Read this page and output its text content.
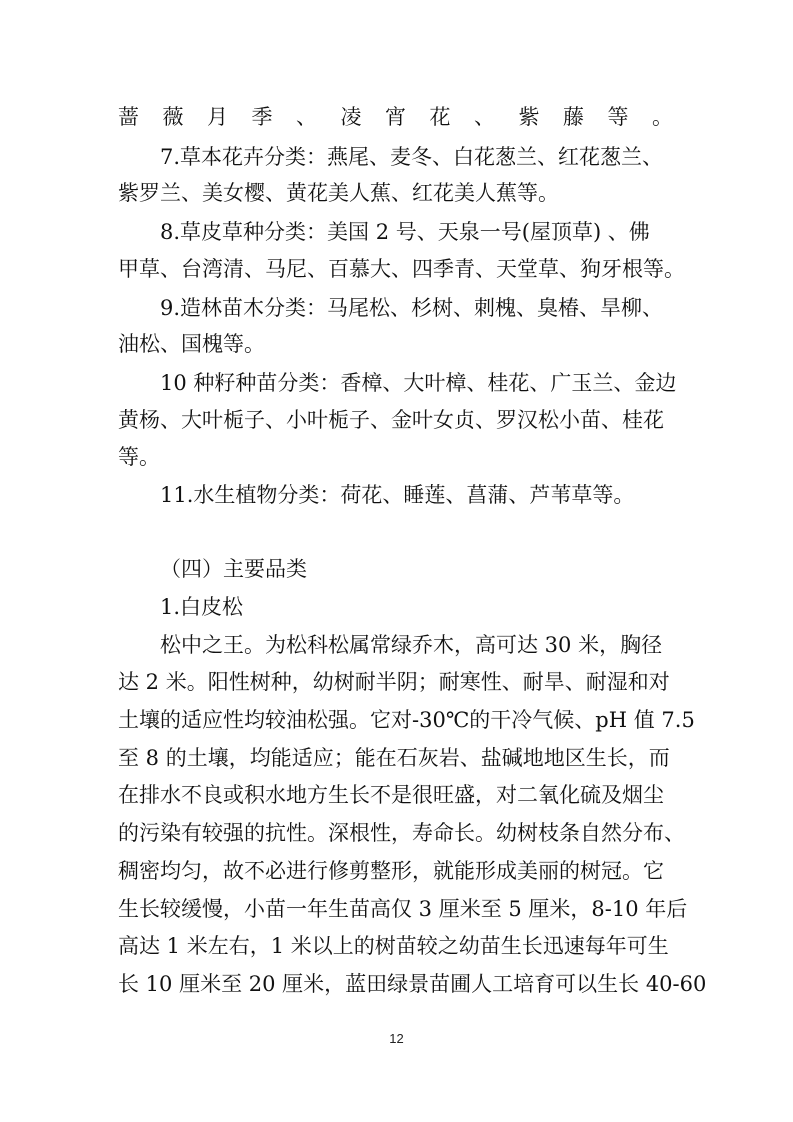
蔷薇月季、凌宵花、紫藤等。
7.草本花卉分类：燕尾、麦冬、白花葱兰、红花葱兰、
紫罗兰、美女樱、黄花美人蕉、红花美人蕉等。
8.草皮草种分类：美国 2 号、天泉一号(屋顶草) 、佛
甲草、台湾清、马尼、百慕大、四季青、天堂草、狗牙根等。
9.造林苗木分类：马尾松、杉树、刺槐、臭椿、旱柳、
油松、国槐等。
10 种籽种苗分类：香樟、大叶樟、桂花、广玉兰、金边
黄杨、大叶栀子、小叶栀子、金叶女贞、罗汉松小苗、桂花
等。
11.水生植物分类：荷花、睡莲、菖蒲、芦苇草等。
（四）主要品类
1.白皮松
松中之王。为松科松属常绿乔木，高可达 30 米，胸径
达 2 米。阳性树种，幼树耐半阴；耐寒性、耐旱、耐湿和对
土壤的适应性均较油松强。它对-30℃的干冷气候、pH 值 7.5
至 8 的土壤，均能适应；能在石灰岩、盐碱地地区生长，而
在排水不良或积水地方生长不是很旺盛，对二氧化硫及烟尘
的污染有较强的抗性。深根性，寿命长。幼树枝条自然分布、
稠密均匀，故不必进行修剪整形，就能形成美丽的树冠。它
生长较缓慢，小苗一年生苗高仅 3 厘米至 5 厘米，8-10 年后
高达 1 米左右，1 米以上的树苗较之幼苗生长迅速每年可生
长 10 厘米至 20 厘米，蓝田绿景苗圃人工培育可以生长 40-60
12
